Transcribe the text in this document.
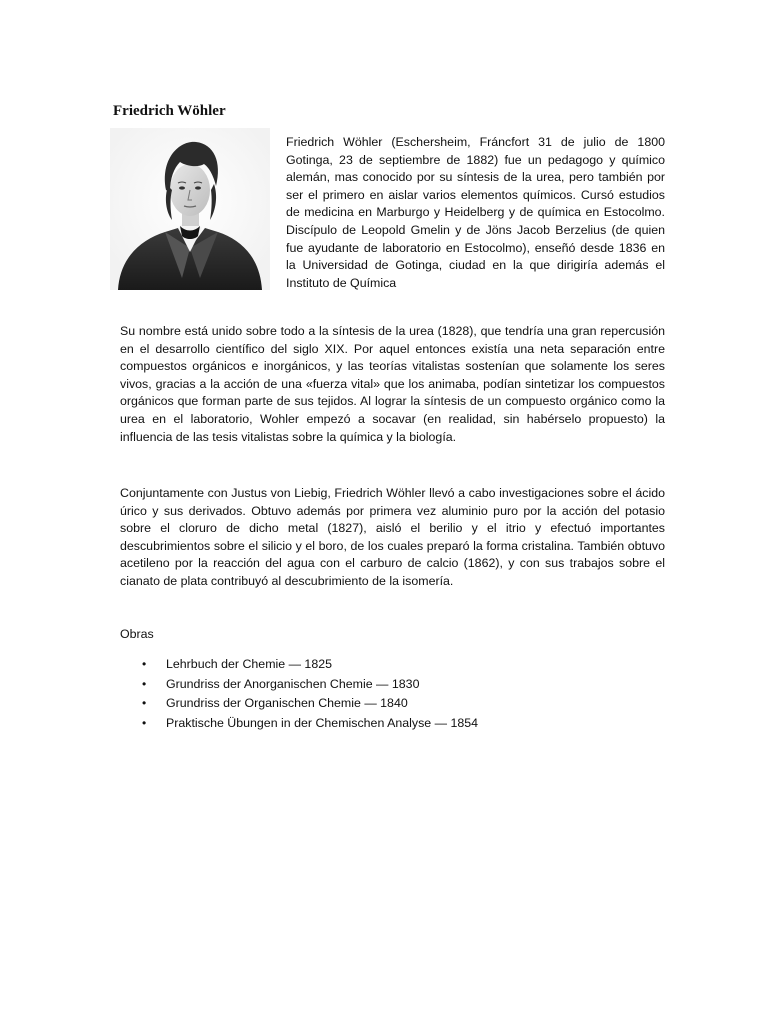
Friedrich Wöhler
Friedrich Wöhler (Eschersheim, Fráncfort 31 de julio de 1800 Gotinga, 23 de septiembre de 1882) fue un pedagogo y químico alemán, mas conocido por su síntesis de la urea, pero también por ser el primero en aislar varios elementos químicos. Cursó estudios de medicina en Marburgo y Heidelberg y de química en Estocolmo. Discípulo de Leopold Gmelin y de Jöns Jacob Berzelius (de quien fue ayudante de laboratorio en Estocolmo), enseñó desde 1836 en la Universidad de Gotinga, ciudad en la que dirigiría además el Instituto de Química
Su nombre está unido sobre todo a la síntesis de la urea (1828), que tendría una gran repercusión en el desarrollo científico del siglo XIX. Por aquel entonces existía una neta separación entre compuestos orgánicos e inorgánicos, y las teorías vitalistas sostenían que solamente los seres vivos, gracias a la acción de una «fuerza vital» que los animaba, podían sintetizar los compuestos orgánicos que forman parte de sus tejidos. Al lograr la síntesis de un compuesto orgánico como la urea en el laboratorio, Wohler empezó a socavar (en realidad, sin habérselo propuesto) la influencia de las tesis vitalistas sobre la química y la biología.
Conjuntamente con Justus von Liebig, Friedrich Wöhler llevó a cabo investigaciones sobre el ácido úrico y sus derivados. Obtuvo además por primera vez aluminio puro por la acción del potasio sobre el cloruro de dicho metal (1827), aisló el berilio y el itrio y efectuó importantes descubrimientos sobre el silicio y el boro, de los cuales preparó la forma cristalina. También obtuvo acetileno por la reacción del agua con el carburo de calcio (1862), y con sus trabajos sobre el cianato de plata contribuyó al descubrimiento de la isomería.
Obras
• Lehrbuch der Chemie — 1825
• Grundriss der Anorganischen Chemie — 1830
• Grundriss der Organischen Chemie — 1840
• Praktische Übungen in der Chemischen Analyse — 1854
